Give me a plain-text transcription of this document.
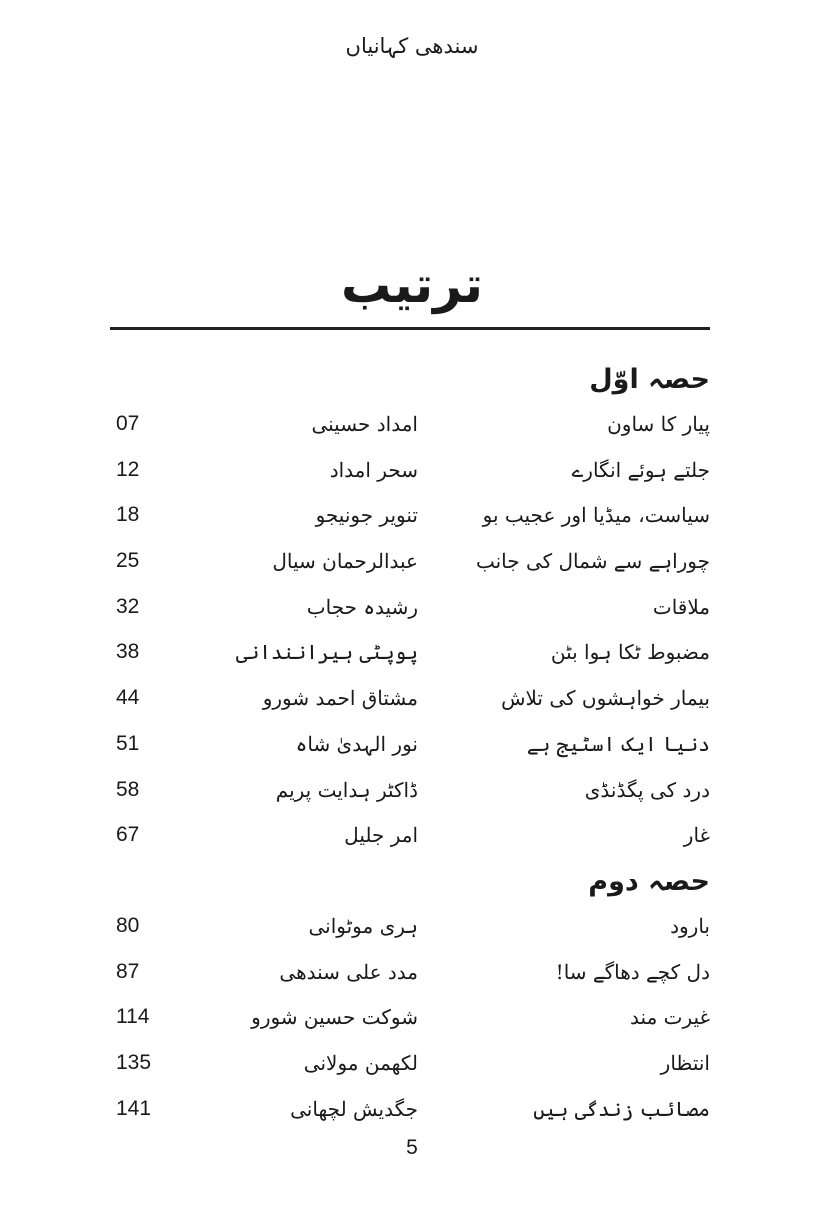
سندھی کہانیاں
ترتیب
حصہ اوّل
پیار کا ساون
امداد حسینی
07
جلتے ہوئے انگارے
سحر امداد
12
سیاست، میڈیا اور عجیب بو
تنویر جونیجو
18
چوراہے سے شمال کی جانب
عبدالرحمان سیال
25
ملاقات
رشیدہ حجاب
32
مضبوط ٹکا ہوا بٹن
پوپٹی ہیرانندانی
38
بیمار خواہشوں کی تلاش
مشتاق احمد شورو
44
دنیا ایک اسٹیج ہے
نور الہدیٰ شاہ
51
درد کی پگڈنڈی
ڈاکٹر ہدایت پریم
58
غار
امر جلیل
67
حصہ دوم
بارود
ہری موٹوانی
80
دل کچے دھاگے سا!
مدد علی سندھی
87
غیرت مند
شوکت حسین شورو
114
انتظار
لکھمن مولانی
135
مصائب زندگی ہیں
جگدیش لچھانی
141
5
